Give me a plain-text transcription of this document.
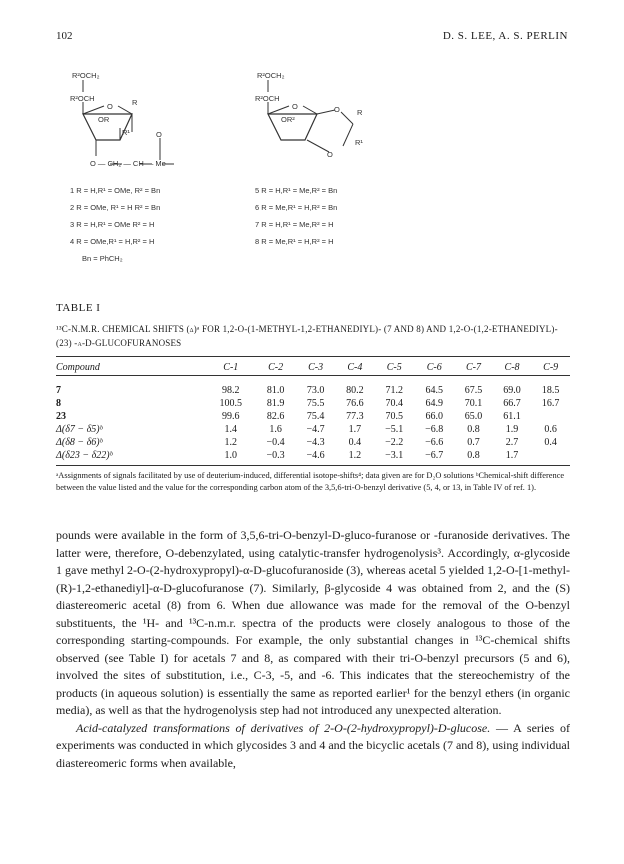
102	D. S. LEE, A. S. PERLIN
R²OCH₂
R²OCH
O	R
OR
R¹	O
O — CH₂ — CH — Me
R²OCH₂
R²OCH
O
OR²
O R
R¹
O
1 R = H,R¹ = OMe, R² = Bn
2 R = OMe, R¹ = H R² = Bn
3 R = H,R¹ = OMe R² = H
4 R = OMe,R¹ = H,R² = H
Bn = PhCH₂
5 R = H,R¹ = Me,R² = Bn
6 R = Me,R¹ = H,R² = Bn
7 R = H,R¹ = Me,R² = H
8 R = Me,R¹ = H,R² = H
TABLE I
¹³C-N.M.R. CHEMICAL SHIFTS (δ)ᵃ FOR 1,2-O-(1-METHYL-1,2-ETHANEDIYL)- (7 AND 8) AND 1,2-O-(1,2-ETHANEDIYL)- (23) -α-D-GLUCOFURANOSES
Compound	C-1	C-2	C-3	C-4	C-5	C-6	C-7	C-8	C-9

7	98.2	81.0	73.0	80.2	71.2	64.5	67.5	69.0	18.5
8	100.5	81.9	75.5	76.6	70.4	64.9	70.1	66.7	16.7
23	99.6	82.6	75.4	77.3	70.5	66.0	65.0	61.1	
Δ(δ7 − δ5)ᵇ	1.4	1.6	−4.7	1.7	−5.1	−6.8	0.8	1.9	0.6
Δ(δ8 − δ6)ᵇ	1.2	−0.4	−4.3	0.4	−2.2	−6.6	0.7	2.7	0.4
Δ(δ23 − δ22)ᵇ	1.0	−0.3	−4.6	1.2	−3.1	−6.7	0.8	1.7	
ᵃAssignments of signals facilitated by use of deuterium-induced, differential isotope-shifts⁴; data given are for D₂O solutions ᵇChemical-shift difference between the value listed and the value for the corresponding carbon atom of the 3,5,6-tri-O-benzyl derivative (5, 4, or 13, in Table IV of ref. 1).

pounds were available in the form of 3,5,6-tri-O-benzyl-D-gluco-furanose or -furanoside derivatives. The latter were, therefore, O-debenzylated, using catalytic-transfer hydrogenolysis³. Accordingly, α-glycoside 1 gave methyl 2-O-(2-hydroxypropyl)-α-D-glucofuranoside (3), whereas acetal 5 yielded 1,2-O-[1-methyl-(R)-1,2-ethanediyl]-α-D-glucofuranose (7). Similarly, β-glycoside 4 was obtained from 2, and the (S) diastereomeric acetal (8) from 6. When due allowance was made for the removal of the O-benzyl substituents, the ¹H- and ¹³C-n.m.r. spectra of the products were closely analogous to those of the corresponding starting-compounds. For example, the only substantial changes in ¹³C-chemical shifts observed (see Table I) for acetals 7 and 8, as compared with their tri-O-benzyl precursors (5 and 6), involved the sites of substitution, i.e., C-3, -5, and -6. This indicates that the stereochemistry of the products (in aqueous solution) is essentially the same as reported earlier¹ for the benzyl ethers (in organic media), as well as that the hydrogenolysis step had not introduced any unexpected alteration.

Acid-catalyzed transformations of derivatives of 2-O-(2-hydroxypropyl)-D-glucose. — A series of experiments was conducted in which glycosides 3 and 4 and the bicyclic acetals (7 and 8), using individual diastereomeric forms when available,
